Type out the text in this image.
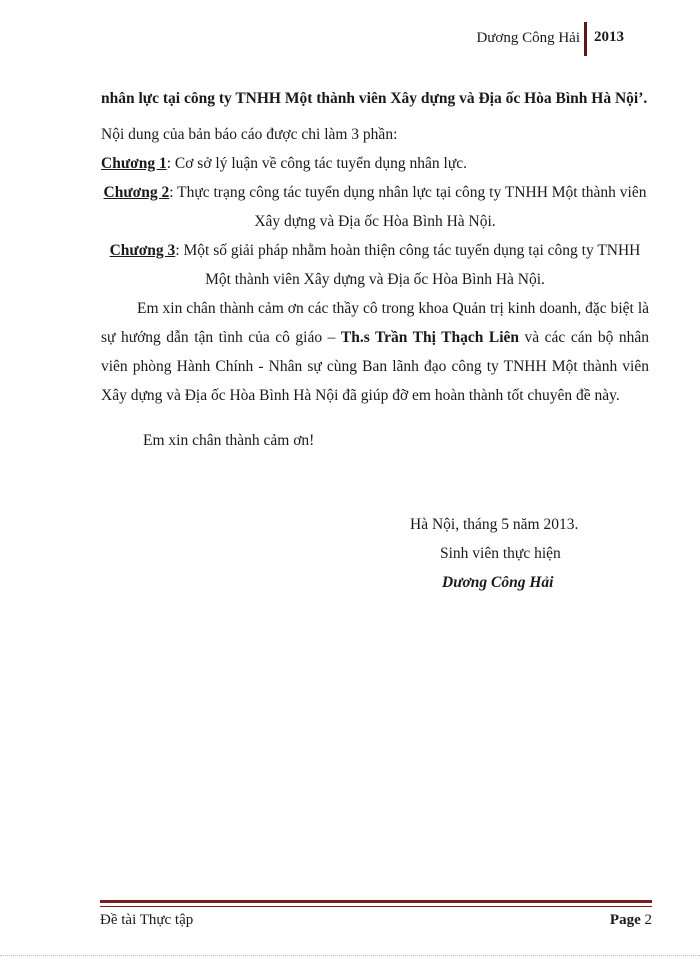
Dương Công Hải 2013

nhân lực tại công ty TNHH Một thành viên Xây dựng và Địa ốc Hòa Bình Hà Nội’.

Nội dung của bản báo cáo được chi làm 3 phần:

Chương 1: Cơ sở lý luận về công tác tuyển dụng nhân lực.

Chương 2: Thực trạng công tác tuyển dụng nhân lực tại công ty TNHH Một thành viên Xây dựng và Địa ốc Hòa Bình Hà Nội.

Chương 3: Một số giải pháp nhằm hoàn thiện công tác tuyển dụng tại công ty TNHH Một thành viên Xây dựng và Địa ốc Hòa Bình Hà Nội.

Em xin chân thành cảm ơn các thầy cô trong khoa Quản trị kinh doanh, đặc biệt là sự hướng dẫn tận tình của cô giáo – Th.s Trần Thị Thạch Liên và các cán bộ nhân viên phòng Hành Chính - Nhân sự cùng Ban lãnh đạo công ty TNHH Một thành viên Xây dựng và Địa ốc Hòa Bình Hà Nội đã giúp đỡ em hoàn thành tốt chuyên đề này.

Em xin chân thành cảm ơn!

Hà Nội, tháng 5 năm 2013.
Sinh viên thực hiện
Dương Công Hải
Đề tài Thực tập	Page 2
